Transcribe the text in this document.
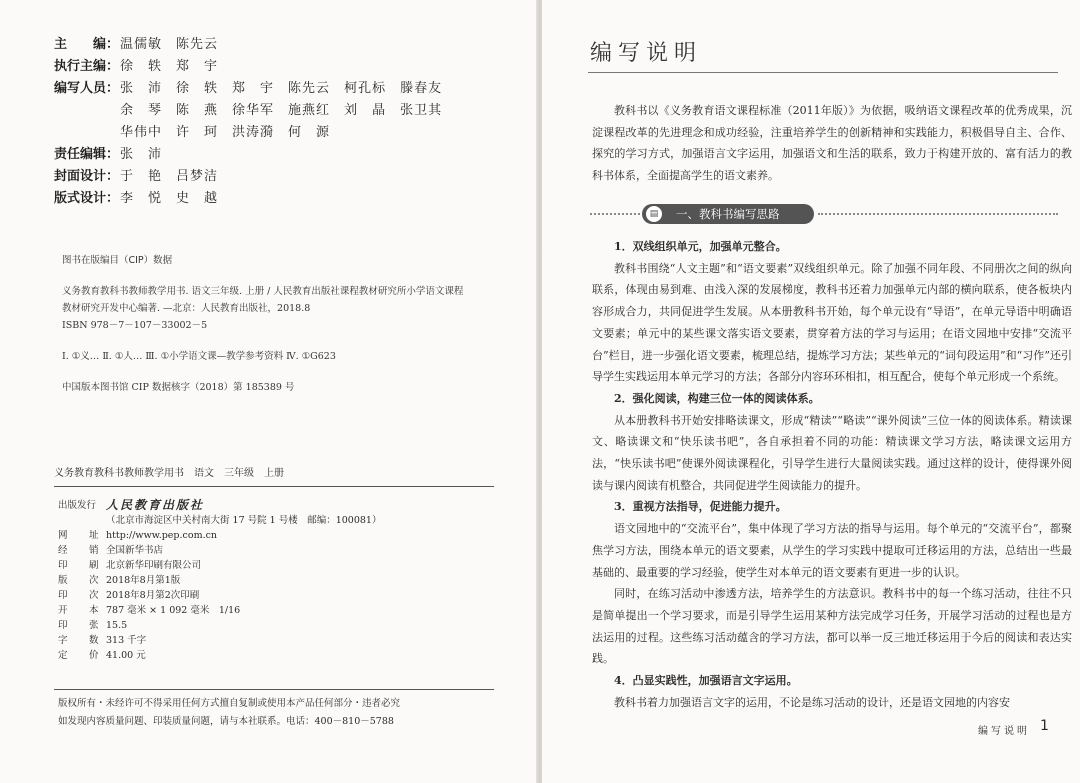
主　　编： 温儒敏 陈先云
执行主编： 徐　轶 郑　宇
编写人员： 张　沛 徐　轶 郑　宇 陈先云 柯孔标 滕春友
余　琴 陈　燕 徐华军 施燕红 刘　晶 张卫其
华伟中 许　珂 洪涛漪 何　源
责任编辑： 张　沛
封面设计： 于　艳 吕梦洁
版式设计： 李　悦 史　越
图书在版编目（CIP）数据

义务教育教科书教师教学用书. 语文三年级. 上册 / 人民教育出版社课程教材研究所小学语文课程

教材研究开发中心编著. —北京：人民教育出版社，2018.8

ISBN 978－7－107－33002－5

Ⅰ. ①义… Ⅱ. ①人… Ⅲ. ①小学语文课—教学参考资料 Ⅳ. ①G623

中国版本图书馆 CIP 数据核字（2018）第 185389 号

义务教育教科书教师教学用书　语文　三年级　上册
出版发行 人民教育出版社
（北京市海淀区中关村南大街 17 号院 1 号楼　邮编：100081）
网　址 http://www.pep.com.cn
经　销 全国新华书店
印　刷 北京新华印刷有限公司
版　次 2018年8月第1版
印　次 2018年8月第2次印刷
开　本 787 毫米 × 1 092 毫米　1/16
印　张 15.5
字　数 313 千字
定　价 41.00 元

版权所有・未经许可不得采用任何方式擅自复制或使用本产品任何部分・违者必究

如发现内容质量问题、印装质量问题，请与本社联系。电话：400－810－5788

编写说明

教科书以《义务教育语文课程标准（2011年版）》为依据，吸纳语文课程改革的优秀成果，沉淀课程改革的先进理念和成功经验，注重培养学生的创新精神和实践能力，积极倡导自主、合作、探究的学习方式，加强语言文字运用，加强语文和生活的联系，致力于构建开放的、富有活力的教科书体系，全面提高学生的语文素养。

▤	一、教科书编写思路

1．双线组织单元，加强单元整合。

教科书围绕“人文主题”和“语文要素”双线组织单元。除了加强不同年段、不同册次之间的纵向联系，体现由易到难、由浅入深的发展梯度，教科书还着力加强单元内部的横向联系，使各板块内容形成合力，共同促进学生发展。从本册教科书开始，每个单元设有“导语”，在单元导语中明确语文要素；单元中的某些课文落实语文要素，贯穿着方法的学习与运用；在语文园地中安排“交流平台”栏目，进一步强化语文要素，梳理总结，提炼学习方法；某些单元的“词句段运用”和“习作”还引导学生实践运用本单元学习的方法；各部分内容环环相扣，相互配合，使每个单元形成一个系统。

2．强化阅读，构建三位一体的阅读体系。

从本册教科书开始安排略读课文，形成“精读”“略读”“课外阅读”三位一体的阅读体系。精读课文、略读课文和“快乐读书吧”，各自承担着不同的功能：精读课文学习方法，略读课文运用方法，“快乐读书吧”使课外阅读课程化，引导学生进行大量阅读实践。通过这样的设计，使得课外阅读与课内阅读有机整合，共同促进学生阅读能力的提升。

3．重视方法指导，促进能力提升。

语文园地中的“交流平台”，集中体现了学习方法的指导与运用。每个单元的“交流平台”，都聚焦学习方法，围绕本单元的语文要素，从学生的学习实践中提取可迁移运用的方法，总结出一些最基础的、最重要的学习经验，使学生对本单元的语文要素有更进一步的认识。

同时，在练习活动中渗透方法，培养学生的方法意识。教科书中的每一个练习活动，往往不只是简单提出一个学习要求，而是引导学生运用某种方法完成学习任务，开展学习活动的过程也是方法运用的过程。这些练习活动蕴含的学习方法，都可以举一反三地迁移运用于今后的阅读和表达实践。

4．凸显实践性，加强语言文字运用。

教科书着力加强语言文字的运用，不论是练习活动的设计，还是语文园地的内容安

编写说明 1
